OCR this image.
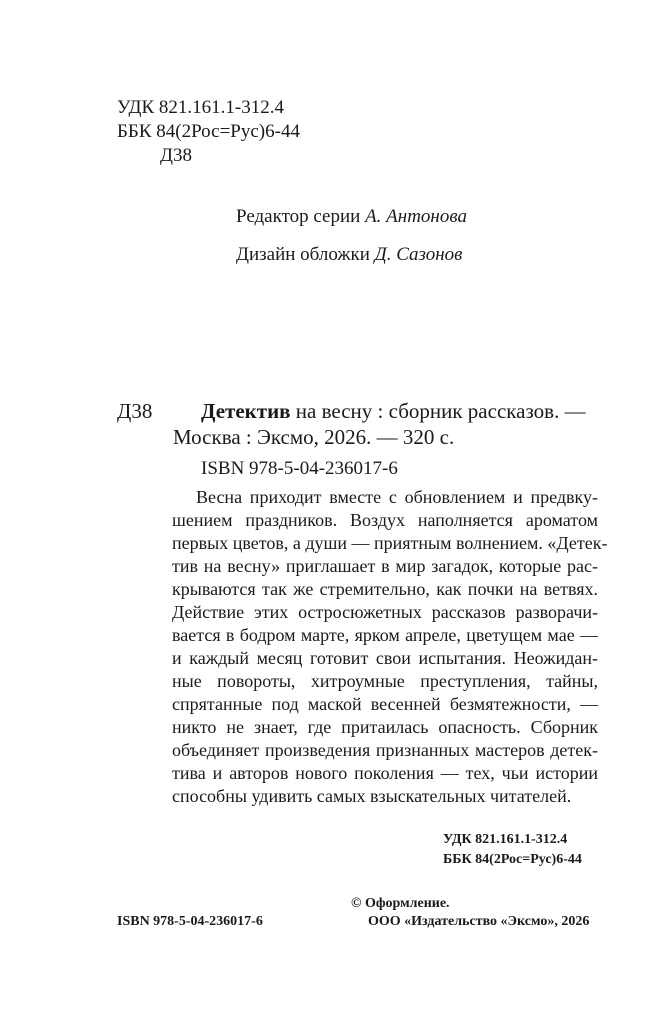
УДК 821.161.1-312.4
ББК 84(2Рос=Рус)6-44
Д38
Редактор серии А. Антонова
Дизайн обложки Д. Сазонов
Д38 Детектив на весну : сборник рассказов. —
Москва : Эксмо, 2026. — 320 с.
ISBN 978-5-04-236017-6
Весна приходит вместе с обновлением и предвку-
шением праздников. Воздух наполняется ароматом
первых цветов, а души — приятным волнением. «Детек-
тив на весну» приглашает в мир загадок, которые рас-
крываются так же стремительно, как почки на ветвях.
Действие этих остросюжетных рассказов разворачи-
вается в бодром марте, ярком апреле, цветущем мае —
и каждый месяц готовит свои испытания. Неожидан-
ные повороты, хитроумные преступления, тайны,
спрятанные под маской весенней безмятежности, —
никто не знает, где притаилась опасность. Сборник
объединяет произведения признанных мастеров детек-
тива и авторов нового поколения — тех, чьи истории
способны удивить самых взыскательных читателей.
УДК 821.161.1-312.4
ББК 84(2Рос=Рус)6-44
ISBN 978-5-04-236017-6
© Оформление.
ООО «Издательство «Эксмо», 2026
